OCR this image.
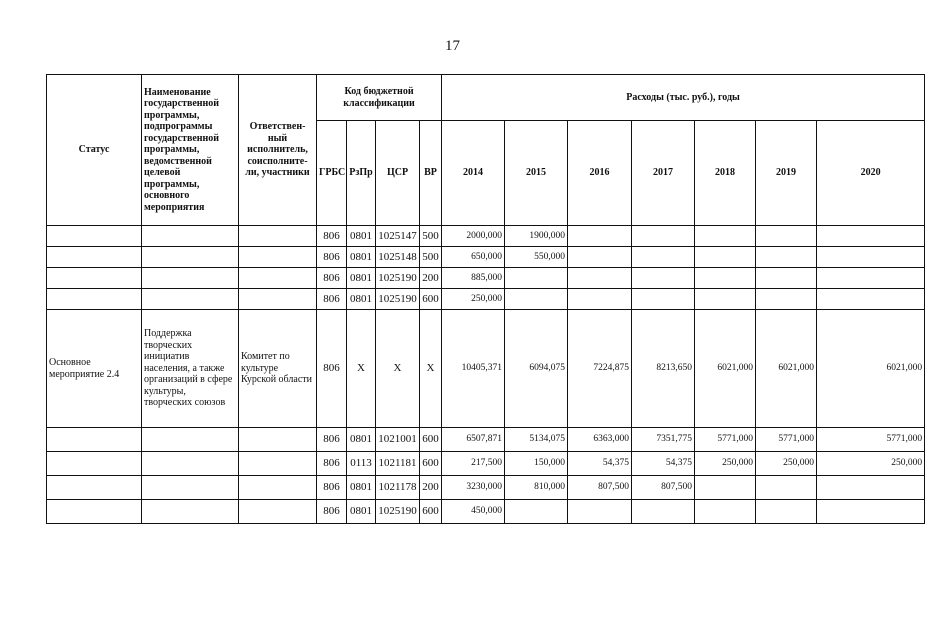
17
Статус	Наименование государственной программы, подпрограммы государственной программы, ведомственной целевой программы, основного мероприятия	Ответствен-ный исполнитель, соисполните-ли, участники	Код бюджетной классификации				Расходы (тыс. руб.), годы						
			ГРБС	РзПр	ЦСР	ВР	2014	2015	2016	2017	2018	2019	2020
			806	0801	1025147	500	2000,000	1900,000					
			806	0801	1025148	500	650,000	550,000					
			806	0801	1025190	200	885,000						
			806	0801	1025190	600	250,000						
Основное мероприятие 2.4	Поддержка творческих инициатив населения, а также организаций в сфере культуры, творческих союзов	Комитет по культуре Курской области	806	Х	Х	Х	10405,371	6094,075	7224,875	8213,650	6021,000	6021,000	6021,000
			806	0801	1021001	600	6507,871	5134,075	6363,000	7351,775	5771,000	5771,000	5771,000
			806	0113	1021181	600	217,500	150,000	54,375	54,375	250,000	250,000	250,000
			806	0801	1021178	200	3230,000	810,000	807,500	807,500			
			806	0801	1025190	600	450,000						
